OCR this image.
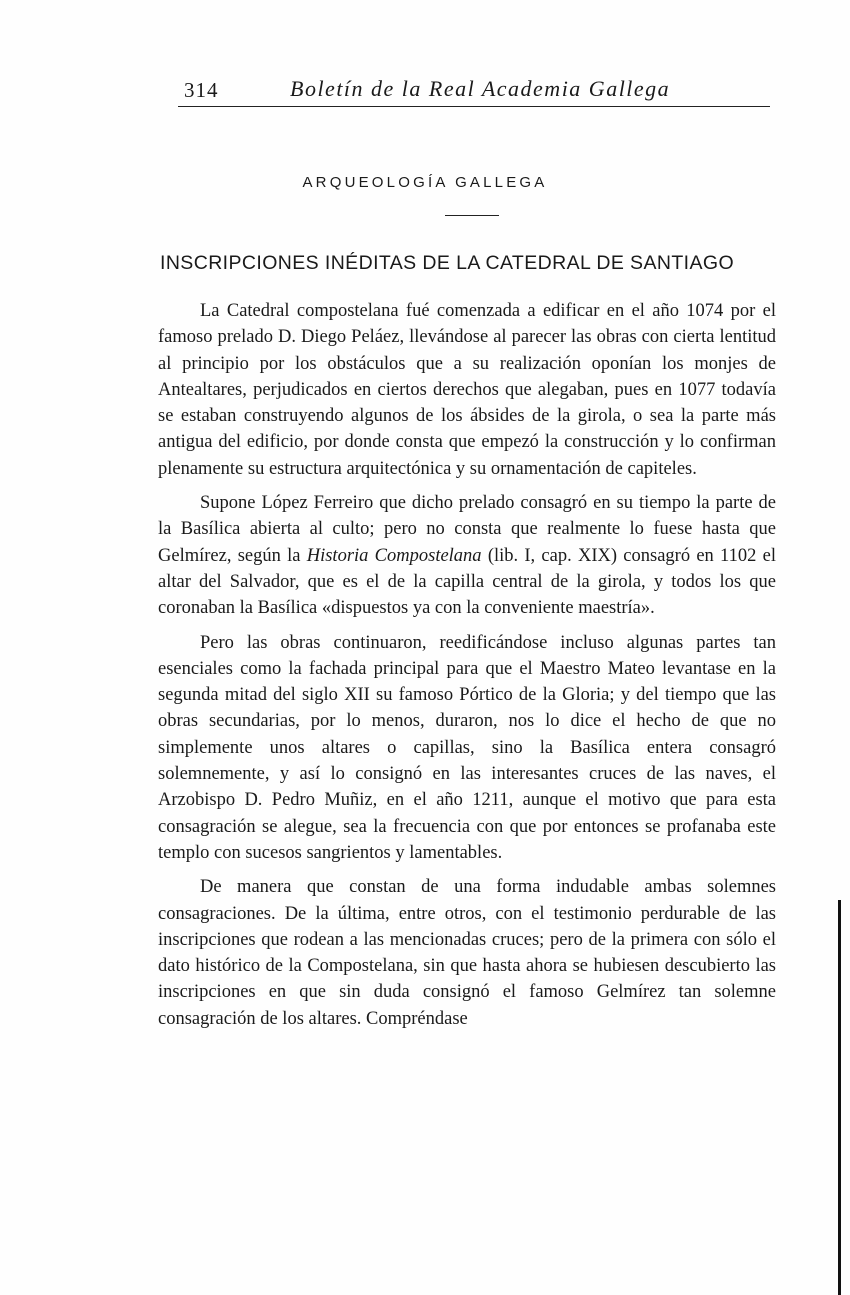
314	Boletín de la Real Academia Gallega
ARQUEOLOGÍA GALLEGA
INSCRIPCIONES INÉDITAS DE LA CATEDRAL DE SANTIAGO

La Catedral compostelana fué comenzada a edificar en el año 1074 por el famoso prelado D. Diego Peláez, llevándose al parecer las obras con cierta lentitud al principio por los obstáculos que a su realización oponían los monjes de Antealtares, perjudicados en ciertos derechos que alegaban, pues en 1077 todavía se estaban construyendo algunos de los ábsides de la girola, o sea la parte más antigua del edificio, por donde consta que empezó la construcción y lo confirman plenamente su estructura arquitectónica y su ornamentación de capiteles.

Supone López Ferreiro que dicho prelado consagró en su tiempo la parte de la Basílica abierta al culto; pero no consta que realmente lo fuese hasta que Gelmírez, según la Historia Compostelana (lib. I, cap. XIX) consagró en 1102 el altar del Salvador, que es el de la capilla central de la girola, y todos los que coronaban la Basílica «dispuestos ya con la conveniente maestría».

Pero las obras continuaron, reedificándose incluso algunas partes tan esenciales como la fachada principal para que el Maestro Mateo levantase en la segunda mitad del siglo XII su famoso Pórtico de la Gloria; y del tiempo que las obras secundarias, por lo menos, duraron, nos lo dice el hecho de que no simplemente unos altares o capillas, sino la Basílica entera consagró solemnemente, y así lo consignó en las interesantes cruces de las naves, el Arzobispo D. Pedro Muñiz, en el año 1211, aunque el motivo que para esta consagración se alegue, sea la frecuencia con que por entonces se profanaba este templo con sucesos sangrientos y lamentables.

De manera que constan de una forma indudable ambas solemnes consagraciones. De la última, entre otros, con el testimonio perdurable de las inscripciones que rodean a las mencionadas cruces; pero de la primera con sólo el dato histórico de la Compostelana, sin que hasta ahora se hubiesen descubierto las inscripciones en que sin duda consignó el famoso Gelmírez tan solemne consagración de los altares. Compréndase
